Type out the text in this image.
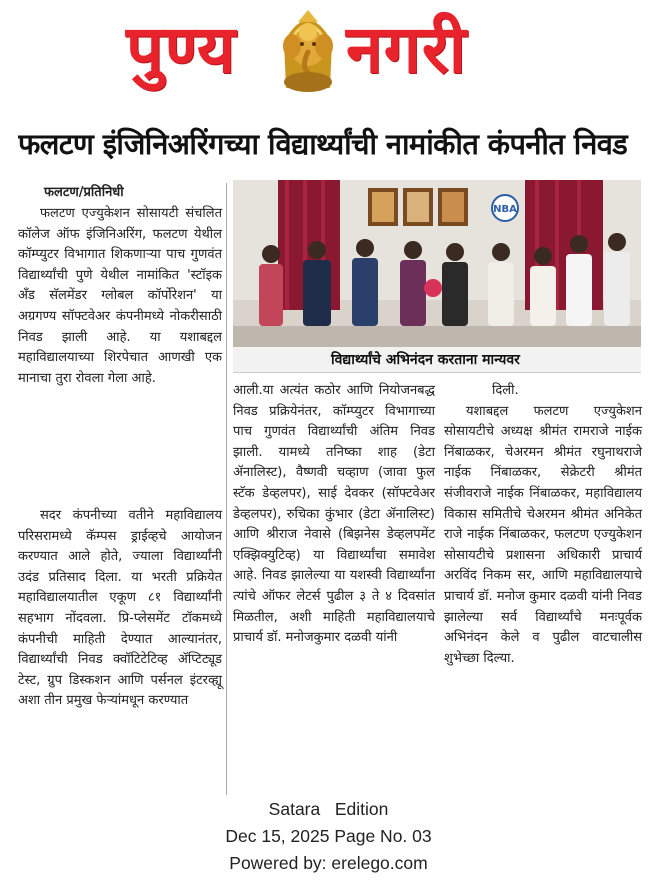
पुण्य नगरी
फलटण इंजिनिअरिंगच्या विद्यार्थ्यांची नामांकीत कंपनीत निवड
फलटण/प्रतिनिधी

फलटण एज्युकेशन सोसायटी संचलित कॉलेज ऑफ इंजिनिअरिंग, फलटण येथील कॉम्प्युटर विभागात शिकणाऱ्या पाच गुणवंत विद्यार्थ्यांची पुणे येथील नामांकित 'स्टॉइक अँड सॅलमेंडर ग्लोबल कॉर्पोरेशन' या अग्रगण्य सॉफ्टवेअर कंपनीमध्ये नोकरीसाठी निवड झाली आहे. या यशाबद्दल महाविद्यालयाच्या शिरपेचात आणखी एक मानाचा तुरा रोवला गेला आहे.

सदर कंपनीच्या वतीने महाविद्यालय परिसरामध्ये कॅम्पस ड्राईव्हचे आयोजन करण्यात आले होते, ज्याला विद्यार्थ्यांनी उदंड प्रतिसाद दिला. या भरती प्रक्रियेत महाविद्यालयातील एकूण ८१ विद्यार्थ्यांनी सहभाग नोंदवला. प्रि-प्लेसमेंट टॉकमध्ये कंपनीची माहिती देण्यात आल्यानंतर, विद्यार्थ्यांची निवड क्वॉटिटेटिव्ह ॲप्टिट्यूड टेस्ट, ग्रुप डिस्कशन आणि पर्सनल इंटरव्ह्यू अशा तीन प्रमुख फेऱ्यांमधून करण्यात

NBA
विद्यार्थ्यांचे अभिनंदन करताना मान्यवर

आली.या अत्यंत कठोर आणि नियोजनबद्ध निवड प्रक्रियेनंतर, कॉम्प्युटर विभागाच्या पाच गुणवंत विद्यार्थ्यांची अंतिम निवड झाली. यामध्ये तनिष्का शाह (डेटा ॲनालिस्ट), वैष्णवी चव्हाण (जावा फुल स्टॅक डेव्हलपर), साई देवकर (सॉफ्टवेअर डेव्हलपर), रुचिका कुंभार (डेटा ॲनालिस्ट) आणि श्रीराज नेवासे (बिझनेस डेव्हलपमेंट एक्झिक्युटिव्ह) या विद्यार्थ्यांचा समावेश आहे. निवड झालेल्या या यशस्वी विद्यार्थ्यांना त्यांचे ऑफर लेटर्स पुढील ३ ते ४ दिवसांत मिळतील, अशी माहिती महाविद्यालयाचे प्राचार्य डॉ. मनोजकुमार दळवी यांनी

दिली.

यशाबद्दल फलटण एज्युकेशन सोसायटीचे अध्यक्ष श्रीमंत रामराजे नाईक निंबाळकर, चेअरमन श्रीमंत रघुनाथराजे नाईक निंबाळकर, सेक्रेटरी श्रीमंत संजीवराजे नाईक निंबाळकर, महाविद्यालय विकास समितीचे चेअरमन श्रीमंत अनिकेत राजे नाईक निंबाळकर, फलटण एज्युकेशन सोसायटीचे प्रशासना अधिकारी प्राचार्य अरविंद निकम सर, आणि महाविद्यालयाचे प्राचार्य डॉ. मनोज कुमार दळवी यांनी निवड झालेल्या सर्व विद्यार्थ्यांचे मनःपूर्वक अभिनंदन केले व पुढील वाटचालीस शुभेच्छा दिल्या.

Satara   Edition
Dec 15, 2025 Page No. 03
Powered by: erelego.com
